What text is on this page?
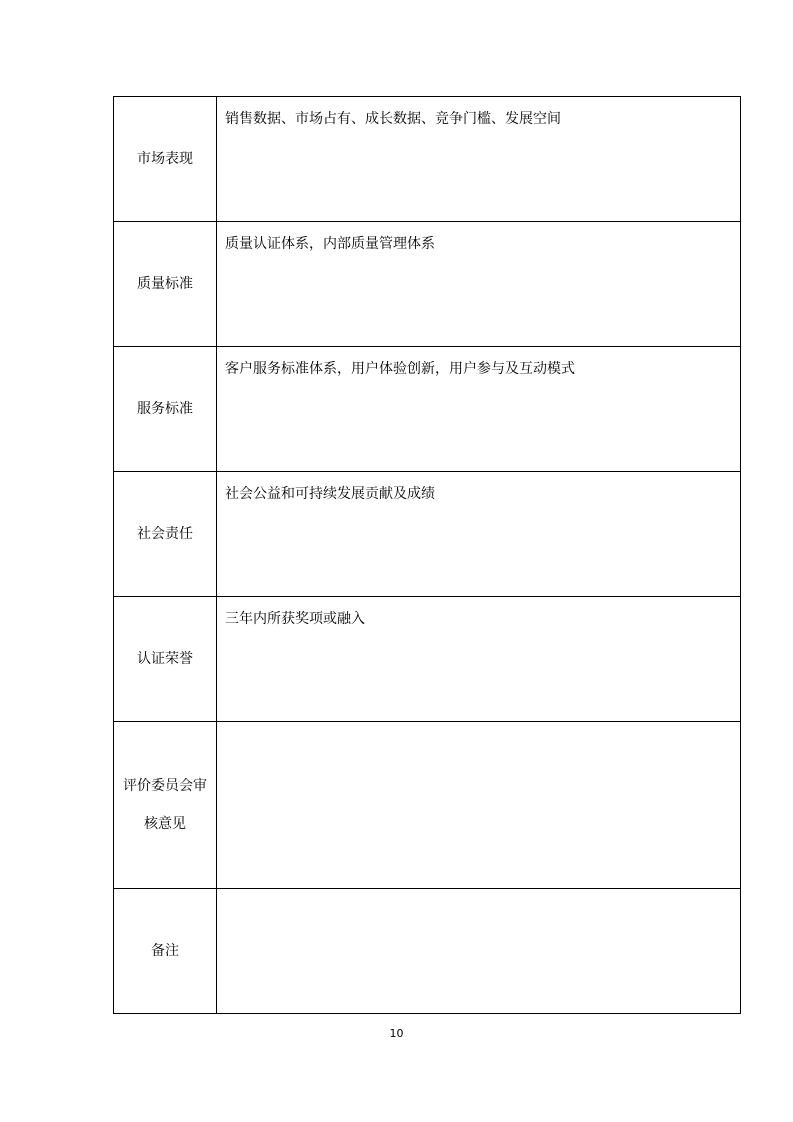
市场表现	销售数据、市场占有、成长数据、竞争门槛、发展空间

质量标准	质量认证体系，内部质量管理体系

服务标准	客户服务标准体系，用户体验创新，用户参与及互动模式

社会责任	社会公益和可持续发展贡献及成绩

认证荣誉	三年内所获奖项或融入

评价委员会审
核意见	

备注	

10
